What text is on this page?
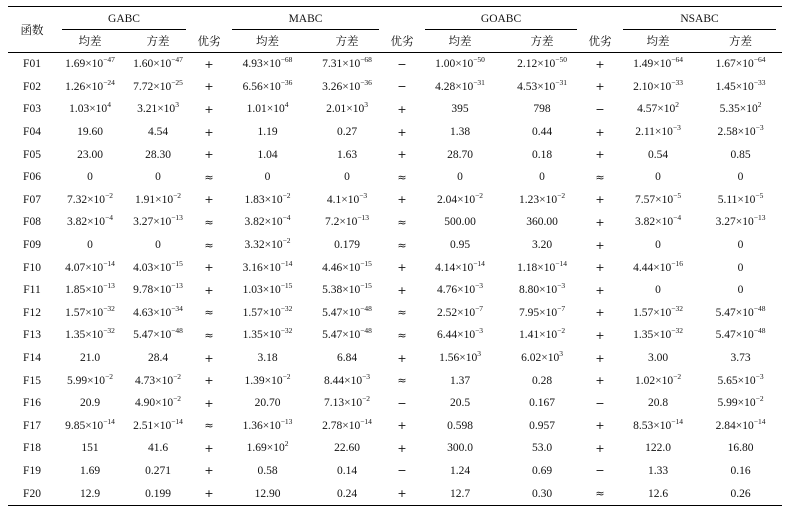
函数	GABC			MABC			GOABC			NSABC	

	均差	方差	优劣	均差	方差	优劣	均差	方差	优劣	均差	方差
F01	$1.69\times 10^{-47}$	$1.60\times 10^{-47}$	+	$4.93\times 10^{-68}$	$7.31\times 10^{-68}$	−	$1.00\times 10^{-50}$	$2.12\times 10^{-50}$	+	$1.49\times 10^{-64}$	$1.67\times 10^{-64}$
F02	$1.26\times 10^{-24}$	$7.72\times 10^{-25}$	+	$6.56\times 10^{-36}$	$3.26\times 10^{-36}$	−	$4.28\times 10^{-31}$	$4.53\times 10^{-31}$	+	$2.10\times 10^{-33}$	$1.45\times 10^{-33}$
F03	$1.03\times 10^4$	$3.21\times 10^3$	+	$1.01\times 10^4$	$2.01\times 10^3$	+	395	798	−	$4.57\times 10^2$	$5.35\times 10^2$
F04	19.60	4.54	+	1.19	0.27	+	1.38	0.44	+	$2.11\times 10^{-3}$	$2.58\times 10^{-3}$
F05	23.00	28.30	+	1.04	1.63	+	28.70	0.18	+	0.54	0.85
F06	0	0	≈	0	0	≈	0	0	≈	0	0
F07	$7.32\times 10^{-2}$	$1.91\times 10^{-2}$	+	$1.83\times 10^{-2}$	$4.1\times 10^{-3}$	+	$2.04\times 10^{-2}$	$1.23\times 10^{-2}$	+	$7.57\times 10^{-5}$	$5.11\times 10^{-5}$
F08	$3.82\times 10^{-4}$	$3.27\times 10^{-13}$	≈	$3.82\times 10^{-4}$	$7.2\times 10^{-13}$	≈	500.00	360.00	+	$3.82\times 10^{-4}$	$3.27\times 10^{-13}$
F09	0	0	≈	$3.32\times 10^{-2}$	0.179	≈	0.95	3.20	+	0	0
F10	$4.07\times 10^{-14}$	$4.03\times 10^{-15}$	+	$3.16\times 10^{-14}$	$4.46\times 10^{-15}$	+	$4.14\times 10^{-14}$	$1.18\times 10^{-14}$	+	$4.44\times 10^{-16}$	0
F11	$1.85\times 10^{-13}$	$9.78\times 10^{-13}$	+	$1.03\times 10^{-15}$	$5.38\times 10^{-15}$	+	$4.76\times 10^{-3}$	$8.80\times 10^{-3}$	+	0	0
F12	$1.57\times 10^{-32}$	$4.63\times 10^{-34}$	≈	$1.57\times 10^{-32}$	$5.47\times 10^{-48}$	≈	$2.52\times 10^{-7}$	$7.95\times 10^{-7}$	+	$1.57\times 10^{-32}$	$5.47\times 10^{-48}$
F13	$1.35\times 10^{-32}$	$5.47\times 10^{-48}$	≈	$1.35\times 10^{-32}$	$5.47\times 10^{-48}$	≈	$6.44\times 10^{-3}$	$1.41\times 10^{-2}$	+	$1.35\times 10^{-32}$	$5.47\times 10^{-48}$
F14	21.0	28.4	+	3.18	6.84	+	$1.56\times 10^3$	$6.02\times 10^3$	+	3.00	3.73
F15	$5.99\times 10^{-2}$	$4.73\times 10^{-2}$	+	$1.39\times 10^{-2}$	$8.44\times 10^{-3}$	≈	1.37	0.28	+	$1.02\times 10^{-2}$	$5.65\times 10^{-3}$
F16	20.9	$4.90\times 10^{-2}$	+	20.70	$7.13\times 10^{-2}$	−	20.5	0.167	−	20.8	$5.99\times 10^{-2}$
F17	$9.85\times 10^{-14}$	$2.51\times 10^{-14}$	≈	$1.36\times 10^{-13}$	$2.78\times 10^{-14}$	+	0.598	0.957	+	$8.53\times 10^{-14}$	$2.84\times 10^{-14}$
F18	151	41.6	+	$1.69\times 10^2$	22.60	+	300.0	53.0	+	122.0	16.80
F19	1.69	0.271	+	0.58	0.14	−	1.24	0.69	−	1.33	0.16
F20	12.9	0.199	+	12.90	0.24	+	12.7	0.30	≈	12.6	0.26
